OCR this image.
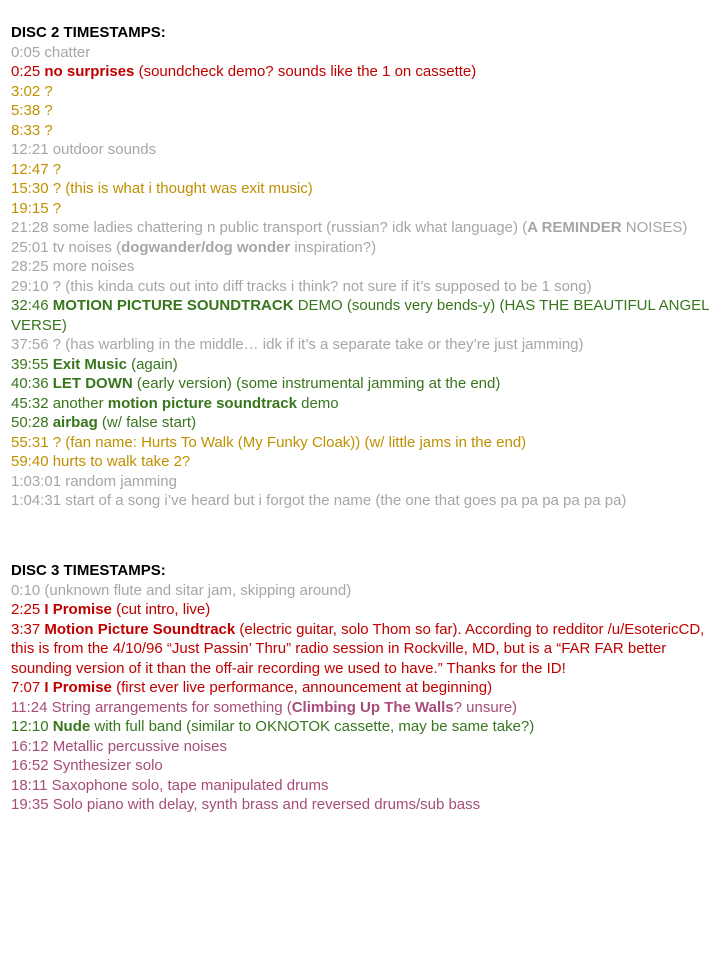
DISC 2 TIMESTAMPS:
0:05 chatter
0:25 no surprises (soundcheck demo? sounds like the 1 on cassette)
3:02 ?
5:38 ?
8:33 ?
12:21 outdoor sounds
12:47 ?
15:30 ? (this is what i thought was exit music)
19:15 ?
21:28 some ladies chattering n public transport (russian? idk what language) (A REMINDER NOISES)
25:01 tv noises (dogwander/dog wonder inspiration?)
28:25 more noises
29:10 ? (this kinda cuts out into diff tracks i think? not sure if it’s supposed to be 1 song)
32:46 MOTION PICTURE SOUNDTRACK DEMO (sounds very bends-y) (HAS THE BEAUTIFUL ANGEL VERSE)
37:56 ? (has warbling in the middle… idk if it’s a separate take or they’re just jamming)
39:55 Exit Music (again)
40:36 LET DOWN (early version) (some instrumental jamming at the end)
45:32 another motion picture soundtrack demo
50:28 airbag (w/ false start)
55:31 ? (fan name: Hurts To Walk (My Funky Cloak)) (w/ little jams in the end)
59:40 hurts to walk take 2?
1:03:01 random jamming
1:04:31 start of a song i’ve heard but i forgot the name (the one that goes pa pa pa pa pa pa)
DISC 3 TIMESTAMPS:
0:10 (unknown flute and sitar jam, skipping around)
2:25 I Promise (cut intro, live)
3:37 Motion Picture Soundtrack (electric guitar, solo Thom so far). According to redditor /u/EsotericCD, this is from the 4/10/96 “Just Passin’ Thru” radio session in Rockville, MD, but is a “FAR FAR better sounding version of it than the off-air recording we used to have.” Thanks for the ID!
7:07 I Promise (first ever live performance, announcement at beginning)
11:24 String arrangements for something (Climbing Up The Walls? unsure)
12:10 Nude with full band (similar to OKNOTOK cassette, may be same take?)
16:12 Metallic percussive noises
16:52 Synthesizer solo
18:11 Saxophone solo, tape manipulated drums
19:35 Solo piano with delay, synth brass and reversed drums/sub bass
